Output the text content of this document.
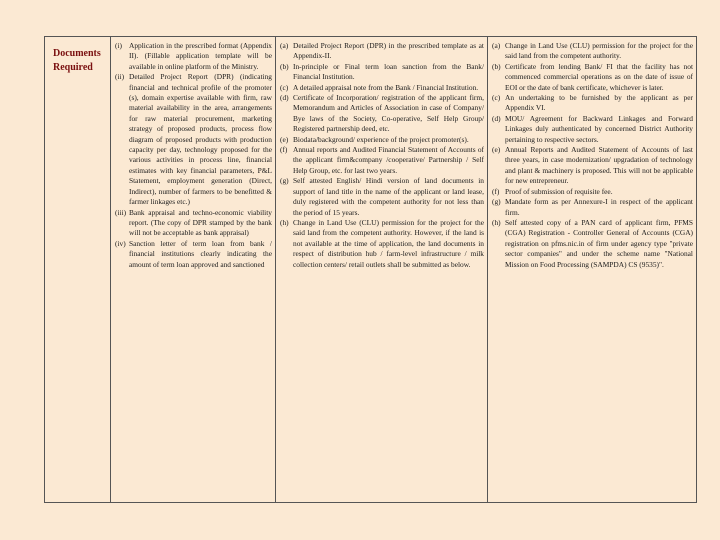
Documents Required
(i) Application in the prescribed format (Appendix II). (Fillable application template will be available in online platform of the Ministry.
(ii) Detailed Project Report (DPR) (indicating financial and technical profile of the promoter (s), domain expertise available with firm, raw material availability in the area, arrangements for raw material procurement, marketing strategy of proposed products, process flow diagram of proposed products with production capacity per day, technology proposed for the various activities in process line, financial estimates with key financial parameters, P&L Statement, employment generation (Direct, Indirect), number of farmers to be benefitted & farmer linkages etc.)
(iii) Bank appraisal and techno-economic viability report. (The copy of DPR stamped by the bank will not be acceptable as bank appraisal)
(iv) Sanction letter of term loan from bank / financial institutions clearly indicating the amount of term loan approved and sanctioned
(a) Detailed Project Report (DPR) in the prescribed template as at Appendix-II.
(b) In-principle or Final term loan sanction from the Bank/ Financial Institution.
(c) A detailed appraisal note from the Bank / Financial Institution.
(d) Certificate of Incorporation/ registration of the applicant firm, Memorandum and Articles of Association in case of Company/ Bye laws of the Society, Co-operative, Self Help Group/ Registered partnership deed, etc.
(e) Biodata/background/ experience of the project promoter(s).
(f) Annual reports and Audited Financial Statement of Accounts of the applicant firm&company /cooperative/ Partnership / Self Help Group, etc. for last two years.
(g) Self attested English/ Hindi version of land documents in support of land title in the name of the applicant or land lease, duly registered with the competent authority for not less than the period of 15 years.
(h) Change in Land Use (CLU) permission for the project for the said land from the competent authority. However, if the land is not available at the time of application, the land documents in respect of distribution hub / farm-level infrastructure / milk collection centers/ retail outlets shall be submitted as below.
(a) Change in Land Use (CLU) permission for the project for the said land from the competent authority.
(b) Certificate from lending Bank/ FI that the facility has not commenced commercial operations as on the date of issue of EOI or the date of bank certificate, whichever is later.
(c) An undertaking to be furnished by the applicant as per Appendix VI.
(d) MOU/ Agreement for Backward Linkages and Forward Linkages duly authenticated by concerned District Authority pertaining to respective sectors.
(e) Annual Reports and Audited Statement of Accounts of last three years, in case modernization/ upgradation of technology and plant & machinery is proposed. This will not be applicable for new entrepreneur.
(f) Proof of submission of requisite fee.
(g) Mandate form as per Annexure-I in respect of the applicant firm.
(h) Self attested copy of a PAN card of applicant firm, PFMS (CGA) Registration - Controller General of Accounts (CGA) registration on pfms.nic.in of firm under agency type "private sector companies" and under the scheme name "National Mission on Food Processing (SAMPDA) CS (9535)".
